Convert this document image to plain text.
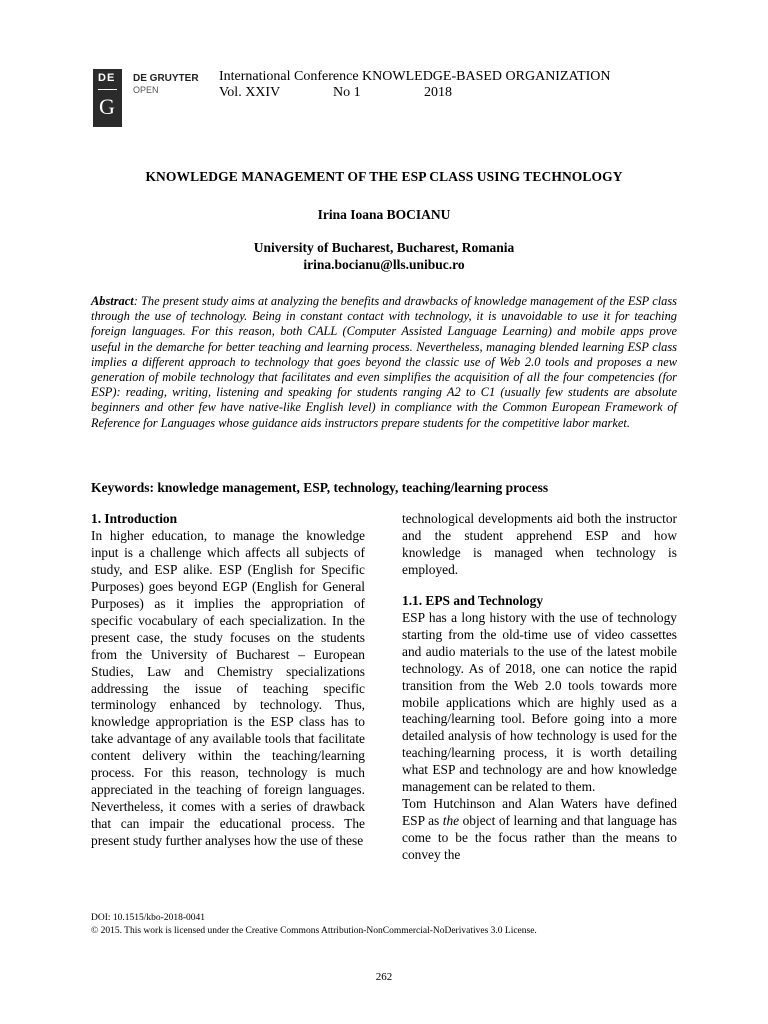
DE
G
DE GRUYTER
OPEN
International Conference KNOWLEDGE-BASED ORGANIZATION
Vol. XXIV	No 1	2018
KNOWLEDGE MANAGEMENT OF THE ESP CLASS USING TECHNOLOGY
Irina Ioana BOCIANU
University of Bucharest, Bucharest, Romania
irina.bocianu@lls.unibuc.ro
Abstract: The present study aims at analyzing the benefits and drawbacks of knowledge management of the ESP class through the use of technology. Being in constant contact with technology, it is unavoidable to use it for teaching foreign languages. For this reason, both CALL (Computer Assisted Language Learning) and mobile apps prove useful in the demarche for better teaching and learning process. Nevertheless, managing blended learning ESP class implies a different approach to technology that goes beyond the classic use of Web 2.0 tools and proposes a new generation of mobile technology that facilitates and even simplifies the acquisition of all the four competencies (for ESP): reading, writing, listening and speaking for students ranging A2 to C1 (usually few students are absolute beginners and other few have native-like English level) in compliance with the Common European Framework of Reference for Languages whose guidance aids instructors prepare students for the competitive labor market.
Keywords: knowledge management, ESP, technology, teaching/learning process

1. Introduction

In higher education, to manage the knowledge input is a challenge which affects all subjects of study, and ESP alike. ESP (English for Specific Purposes) goes beyond EGP (English for General Purposes) as it implies the appropriation of specific vocabulary of each specialization. In the present case, the study focuses on the students from the University of Bucharest – European Studies, Law and Chemistry specializations addressing the issue of teaching specific terminology enhanced by technology. Thus, knowledge appropriation is the ESP class has to take advantage of any available tools that facilitate content delivery within the teaching/learning process. For this reason, technology is much appreciated in the teaching of foreign languages. Nevertheless, it comes with a series of drawback that can impair the educational process. The present study further analyses how the use of these

technological developments aid both the instructor and the student apprehend ESP and how knowledge is managed when technology is employed.

1.1. EPS and Technology

ESP has a long history with the use of technology starting from the old-time use of video cassettes and audio materials to the use of the latest mobile technology. As of 2018, one can notice the rapid transition from the Web 2.0 tools towards more mobile applications which are highly used as a teaching/learning tool. Before going into a more detailed analysis of how technology is used for the teaching/learning process, it is worth detailing what ESP and technology are and how knowledge management can be related to them.

Tom Hutchinson and Alan Waters have defined ESP as the object of learning and that language has come to be the focus rather than the means to convey the

DOI: 10.1515/kbo-2018-0041
© 2015. This work is licensed under the Creative Commons Attribution-NonCommercial-NoDerivatives 3.0 License.
262
